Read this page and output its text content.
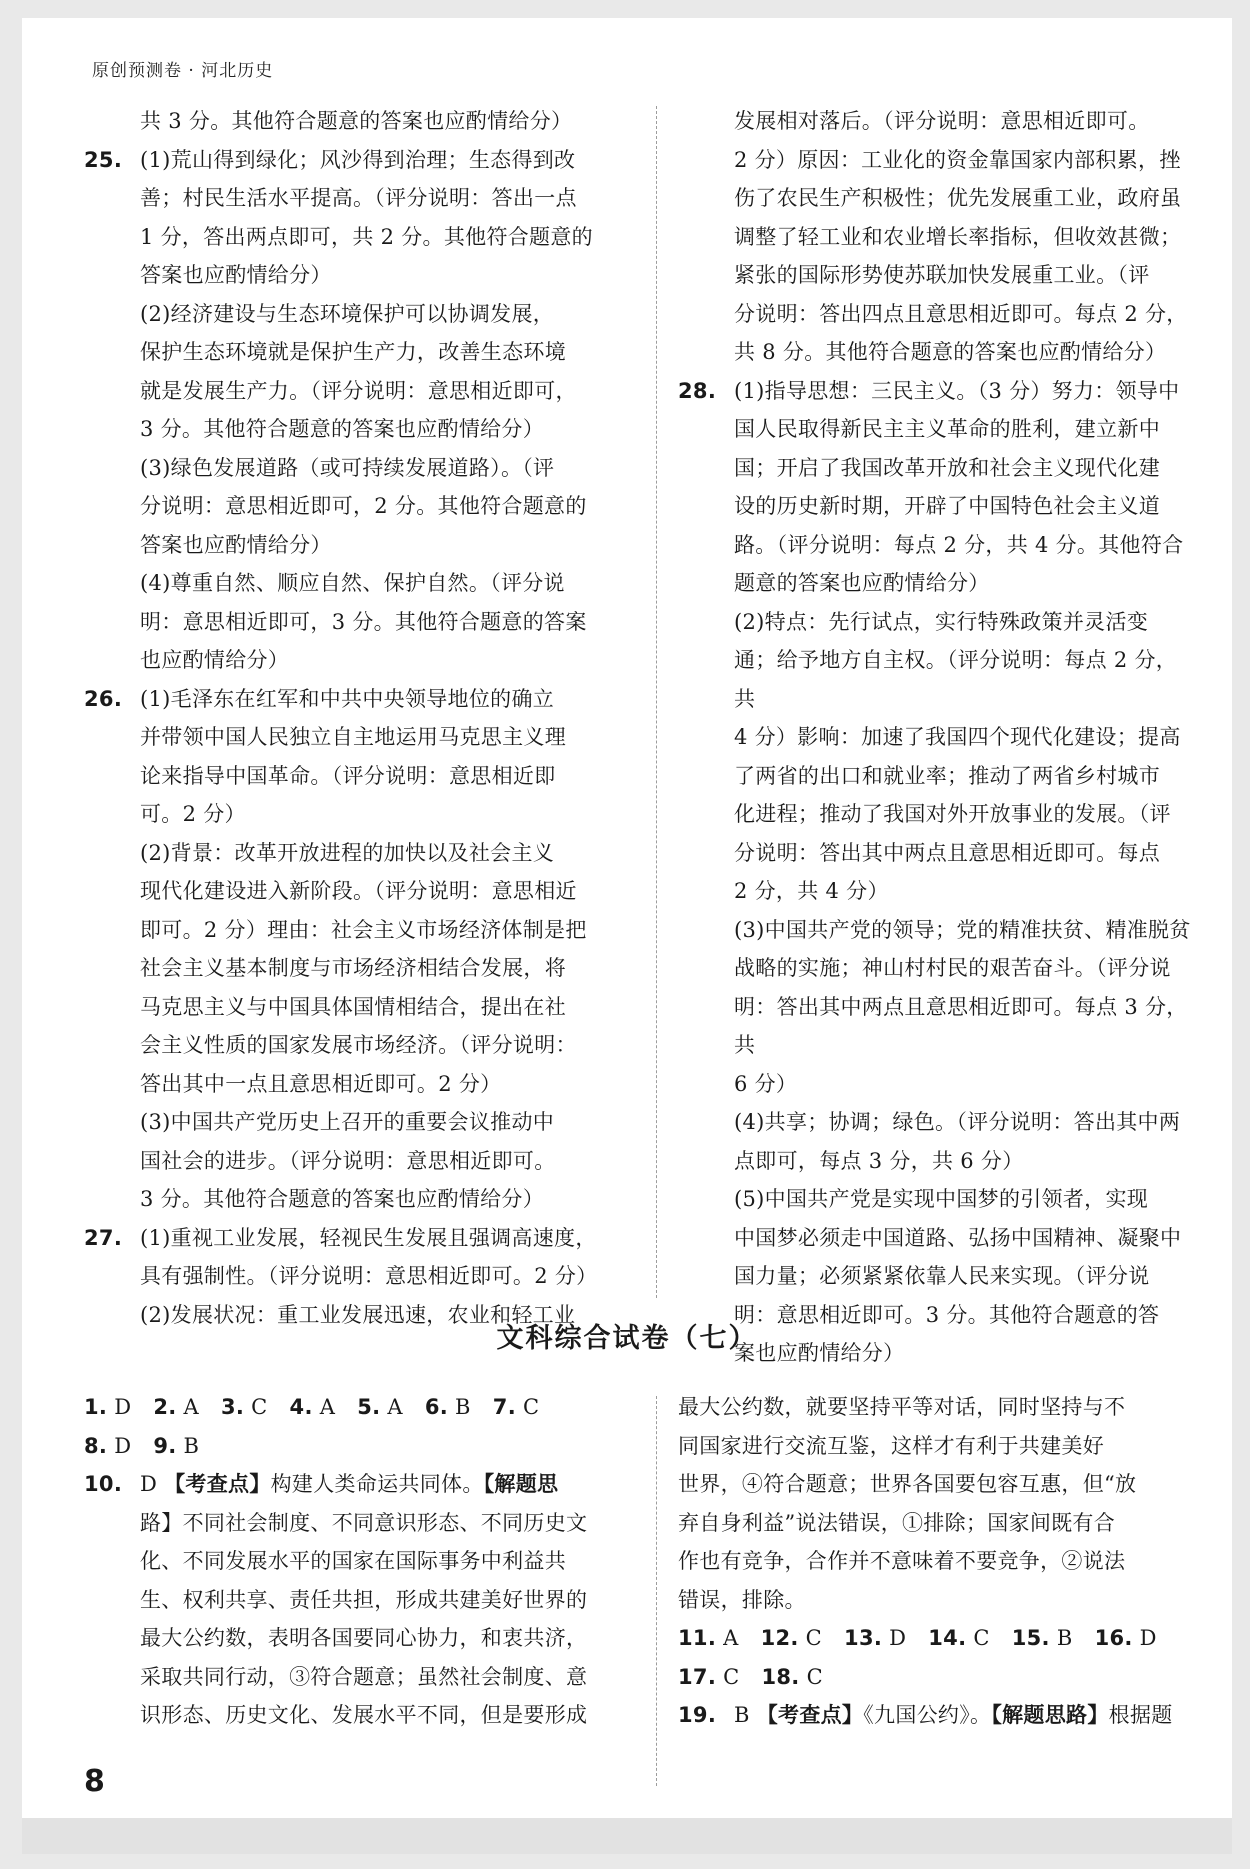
原创预测卷 · 河北历史

共 3 分。其他符合题意的答案也应酌情给分）

25. (1)荒山得到绿化；风沙得到治理；生态得到改

善；村民生活水平提高。（评分说明：答出一点

1 分，答出两点即可，共 2 分。其他符合题意的

答案也应酌情给分）

(2)经济建设与生态环境保护可以协调发展，

保护生态环境就是保护生产力，改善生态环境

就是发展生产力。（评分说明：意思相近即可，

3 分。其他符合题意的答案也应酌情给分）

(3)绿色发展道路（或可持续发展道路）。（评

分说明：意思相近即可，2 分。其他符合题意的

答案也应酌情给分）

(4)尊重自然、顺应自然、保护自然。（评分说

明：意思相近即可，3 分。其他符合题意的答案

也应酌情给分）

26. (1)毛泽东在红军和中共中央领导地位的确立

并带领中国人民独立自主地运用马克思主义理

论来指导中国革命。（评分说明：意思相近即

可。2 分）

(2)背景：改革开放进程的加快以及社会主义

现代化建设进入新阶段。（评分说明：意思相近

即可。2 分）理由：社会主义市场经济体制是把

社会主义基本制度与市场经济相结合发展，将

马克思主义与中国具体国情相结合，提出在社

会主义性质的国家发展市场经济。（评分说明：

答出其中一点且意思相近即可。2 分）

(3)中国共产党历史上召开的重要会议推动中

国社会的进步。（评分说明：意思相近即可。

3 分。其他符合题意的答案也应酌情给分）

27. (1)重视工业发展，轻视民生发展且强调高速度，

具有强制性。（评分说明：意思相近即可。2 分）

(2)发展状况：重工业发展迅速，农业和轻工业

发展相对落后。（评分说明：意思相近即可。

2 分）原因：工业化的资金靠国家内部积累，挫

伤了农民生产积极性；优先发展重工业，政府虽

调整了轻工业和农业增长率指标，但收效甚微；

紧张的国际形势使苏联加快发展重工业。（评

分说明：答出四点且意思相近即可。每点 2 分，

共 8 分。其他符合题意的答案也应酌情给分）

28. (1)指导思想：三民主义。（3 分）努力：领导中

国人民取得新民主主义革命的胜利，建立新中

国；开启了我国改革开放和社会主义现代化建

设的历史新时期，开辟了中国特色社会主义道

路。（评分说明：每点 2 分，共 4 分。其他符合

题意的答案也应酌情给分）

(2)特点：先行试点，实行特殊政策并灵活变

通；给予地方自主权。（评分说明：每点 2 分，共

4 分）影响：加速了我国四个现代化建设；提高

了两省的出口和就业率；推动了两省乡村城市

化进程；推动了我国对外开放事业的发展。（评

分说明：答出其中两点且意思相近即可。每点

2 分，共 4 分）

(3)中国共产党的领导；党的精准扶贫、精准脱贫

战略的实施；神山村村民的艰苦奋斗。（评分说

明：答出其中两点且意思相近即可。每点 3 分，共

6 分）

(4)共享；协调；绿色。（评分说明：答出其中两

点即可，每点 3 分，共 6 分）

(5)中国共产党是实现中国梦的引领者，实现

中国梦必须走中国道路、弘扬中国精神、凝聚中

国力量；必须紧紧依靠人民来实现。（评分说

明：意思相近即可。3 分。其他符合题意的答

案也应酌情给分）

文科综合试卷（七）

1. D 2. A 3. C 4. A 5. A 6. B 7. C

8. D 9. B

10. D 【考查点】构建人类命运共同体。【解题思

路】不同社会制度、不同意识形态、不同历史文

化、不同发展水平的国家在国际事务中利益共

生、权利共享、责任共担，形成共建美好世界的

最大公约数，表明各国要同心协力，和衷共济，

采取共同行动，③符合题意；虽然社会制度、意

识形态、历史文化、发展水平不同，但是要形成

最大公约数，就要坚持平等对话，同时坚持与不

同国家进行交流互鉴，这样才有利于共建美好

世界，④符合题意；世界各国要包容互惠，但“放

弃自身利益”说法错误，①排除；国家间既有合

作也有竞争，合作并不意味着不要竞争，②说法

错误，排除。

11. A 12. C 13. D 14. C 15. B 16. D

17. C 18. C

19. B 【考查点】《九国公约》。【解题思路】根据题

8
